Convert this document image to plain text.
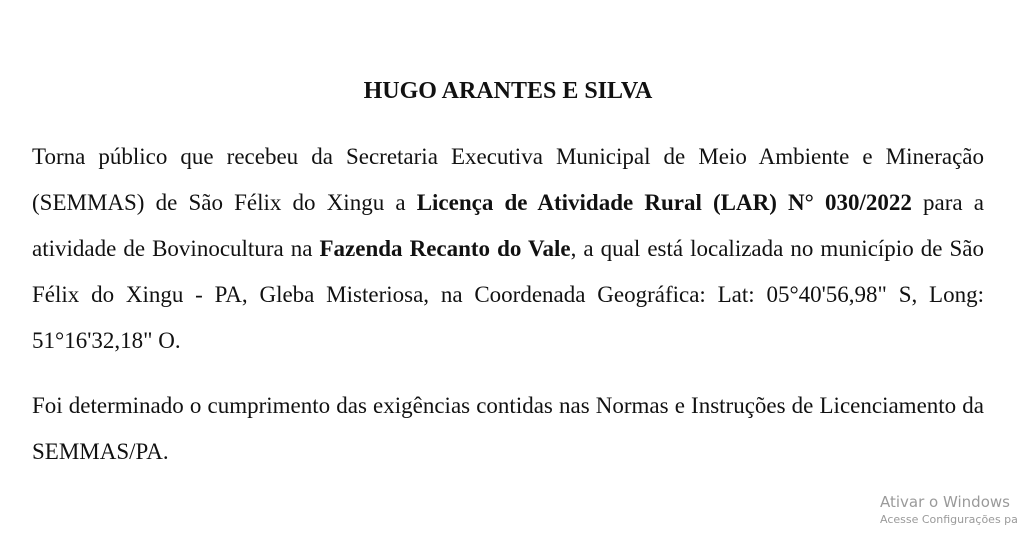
HUGO ARANTES E SILVA

Torna público que recebeu da Secretaria Executiva Municipal de Meio Ambiente e Mineração (SEMMAS) de São Félix do Xingu a Licença de Atividade Rural (LAR) N° 030/2022 para a atividade de Bovinocultura na Fazenda Recanto do Vale, a qual está localizada no município de São Félix do Xingu - PA, Gleba Misteriosa, na Coordenada Geográfica: Lat: 05°40'56,98" S, Long: 51°16'32,18" O.

Foi determinado o cumprimento das exigências contidas nas Normas e Instruções de Licenciamento da SEMMAS/PA.

Ativar o Windows
Acesse Configurações pa
